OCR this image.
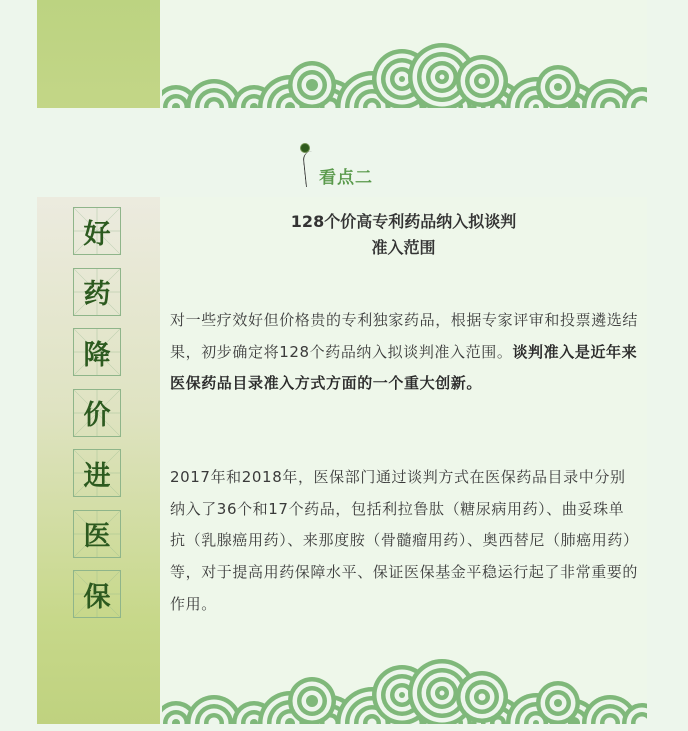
看点二
好
药
降
价
进
医
保
128个价高专利药品纳入拟谈判
准入范围

对一些疗效好但价格贵的专利独家药品，根据专家评审和投票遴选结果，初步确定将128个药品纳入拟谈判准入范围。谈判准入是近年来医保药品目录准入方式方面的一个重大创新。

2017年和2018年，医保部门通过谈判方式在医保药品目录中分别纳入了36个和17个药品，包括利拉鲁肽（糖尿病用药）、曲妥珠单抗（乳腺癌用药）、来那度胺（骨髓瘤用药）、奥西替尼（肺癌用药）等，对于提高用药保障水平、保证医保基金平稳运行起了非常重要的作用。
